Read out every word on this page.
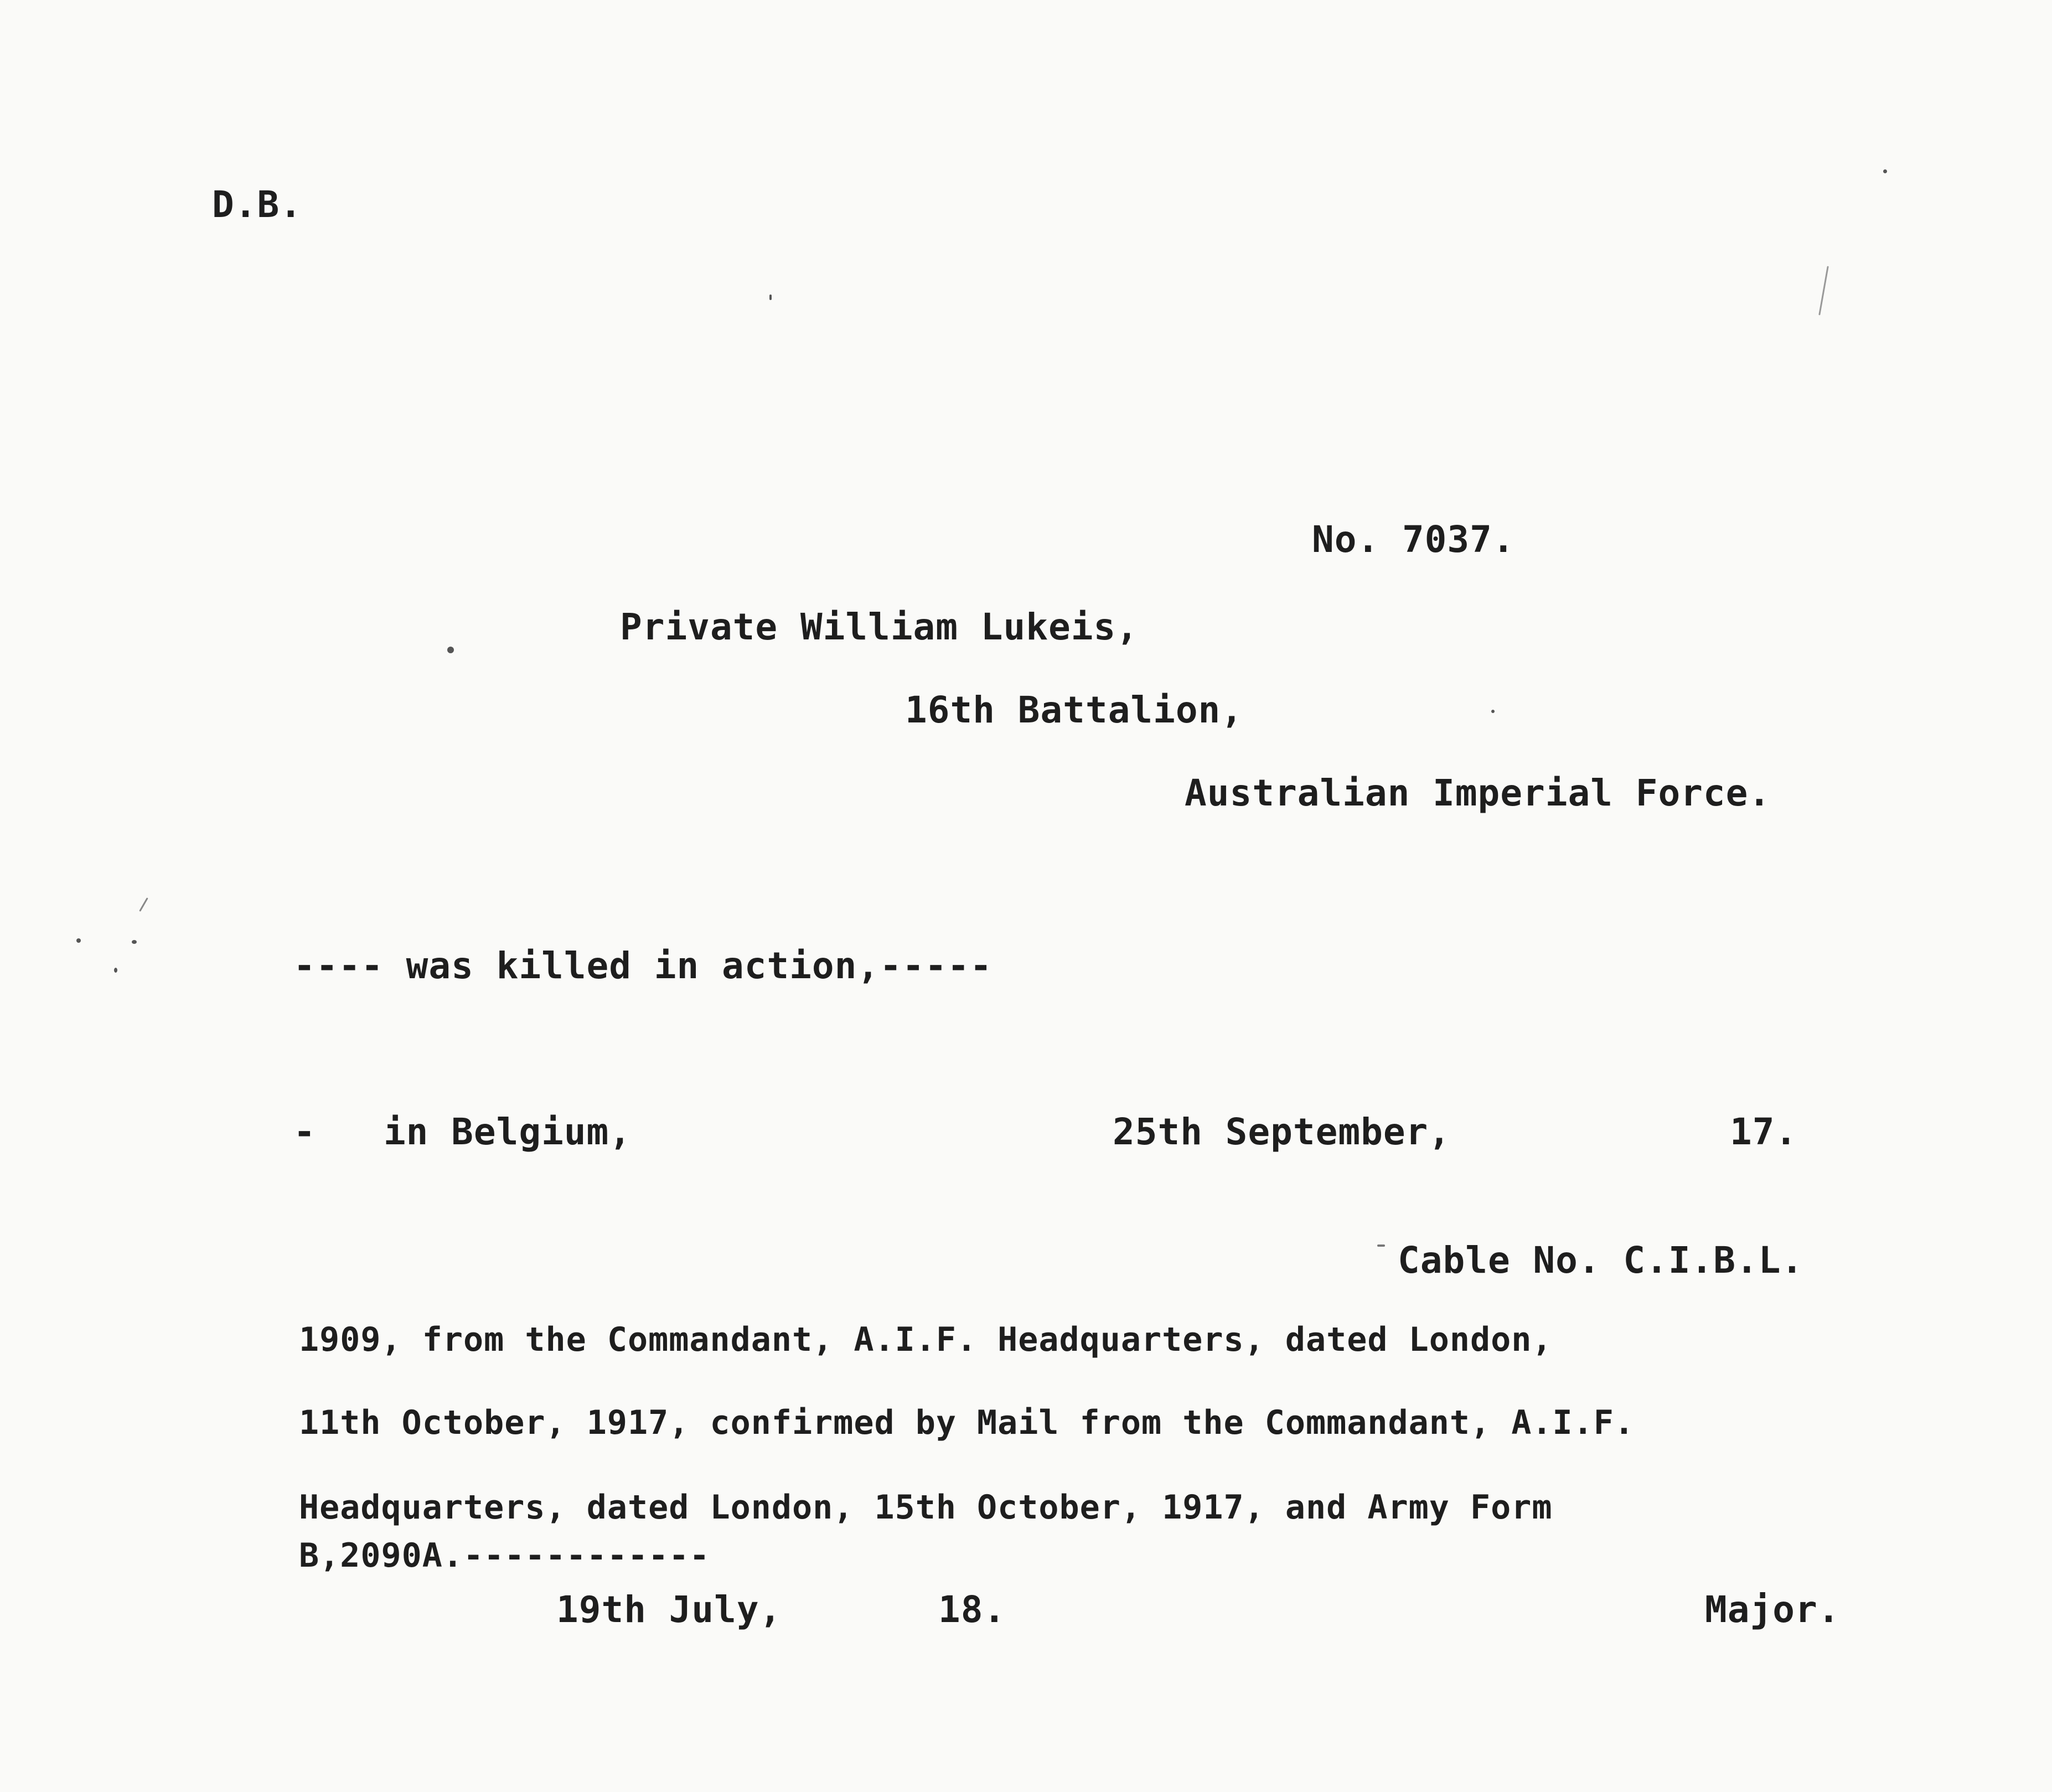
D.B.
No. 7037.
Private William Lukeis,
16th Battalion,
Australian Imperial Force.
---- was killed in action,-----
-   in Belgium,	25th September,	17.
Cable No. C.I.B.L.
1909, from the Commandant, A.I.F. Headquarters, dated London,
11th October, 1917, confirmed by Mail from the Commandant, A.I.F.
Headquarters, dated London, 15th October, 1917, and Army Form
B,2090A.------------
19th July,	18.	Major.
